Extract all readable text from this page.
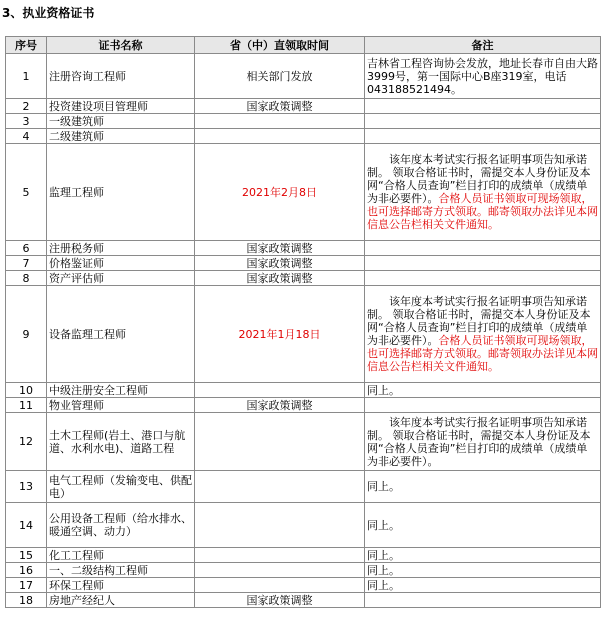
3、执业资格证书
序号	证书名称	省（中）直领取时间	备注
1	注册咨询工程师	相关部门发放	吉林省工程咨询协会发放，地址长春市自由大路3999号，第一国际中心B座319室，电话043188521494。
2	投资建设项目管理师	国家政策调整	
3	一级建筑师		
4	二级建筑师		
5	监理工程师	2021年2月8日	　　该年度本考试实行报名证明事项告知承诺制。 领取合格证书时，需提交本人身份证及本网“合格人员查询”栏目打印的成绩单（成绩单为非必要件）。合格人员证书领取可现场领取，也可选择邮寄方式领取。邮寄领取办法详见本网信息公告栏相关文件通知。
6	注册税务师	国家政策调整	
7	价格鉴证师	国家政策调整	
8	资产评估师	国家政策调整	
9	设备监理工程师	2021年1月18日	　　该年度本考试实行报名证明事项告知承诺制。 领取合格证书时，需提交本人身份证及本网“合格人员查询”栏目打印的成绩单（成绩单为非必要件）。合格人员证书领取可现场领取，也可选择邮寄方式领取。邮寄领取办法详见本网信息公告栏相关文件通知。
10	中级注册安全工程师		同上。
11	物业管理师	国家政策调整	
12	土木工程师(岩土、港口与航道、水利水电)、道路工程		　　该年度本考试实行报名证明事项告知承诺制。 领取合格证书时，需提交本人身份证及本网“合格人员查询”栏目打印的成绩单（成绩单为非必要件）。
13	电气工程师（发输变电、供配电）		同上。
14	公用设备工程师（给水排水、暖通空调、动力）		同上。
15	化工工程师		同上。
16	一、二级结构工程师		同上。
17	环保工程师		同上。
18	房地产经纪人	国家政策调整	
